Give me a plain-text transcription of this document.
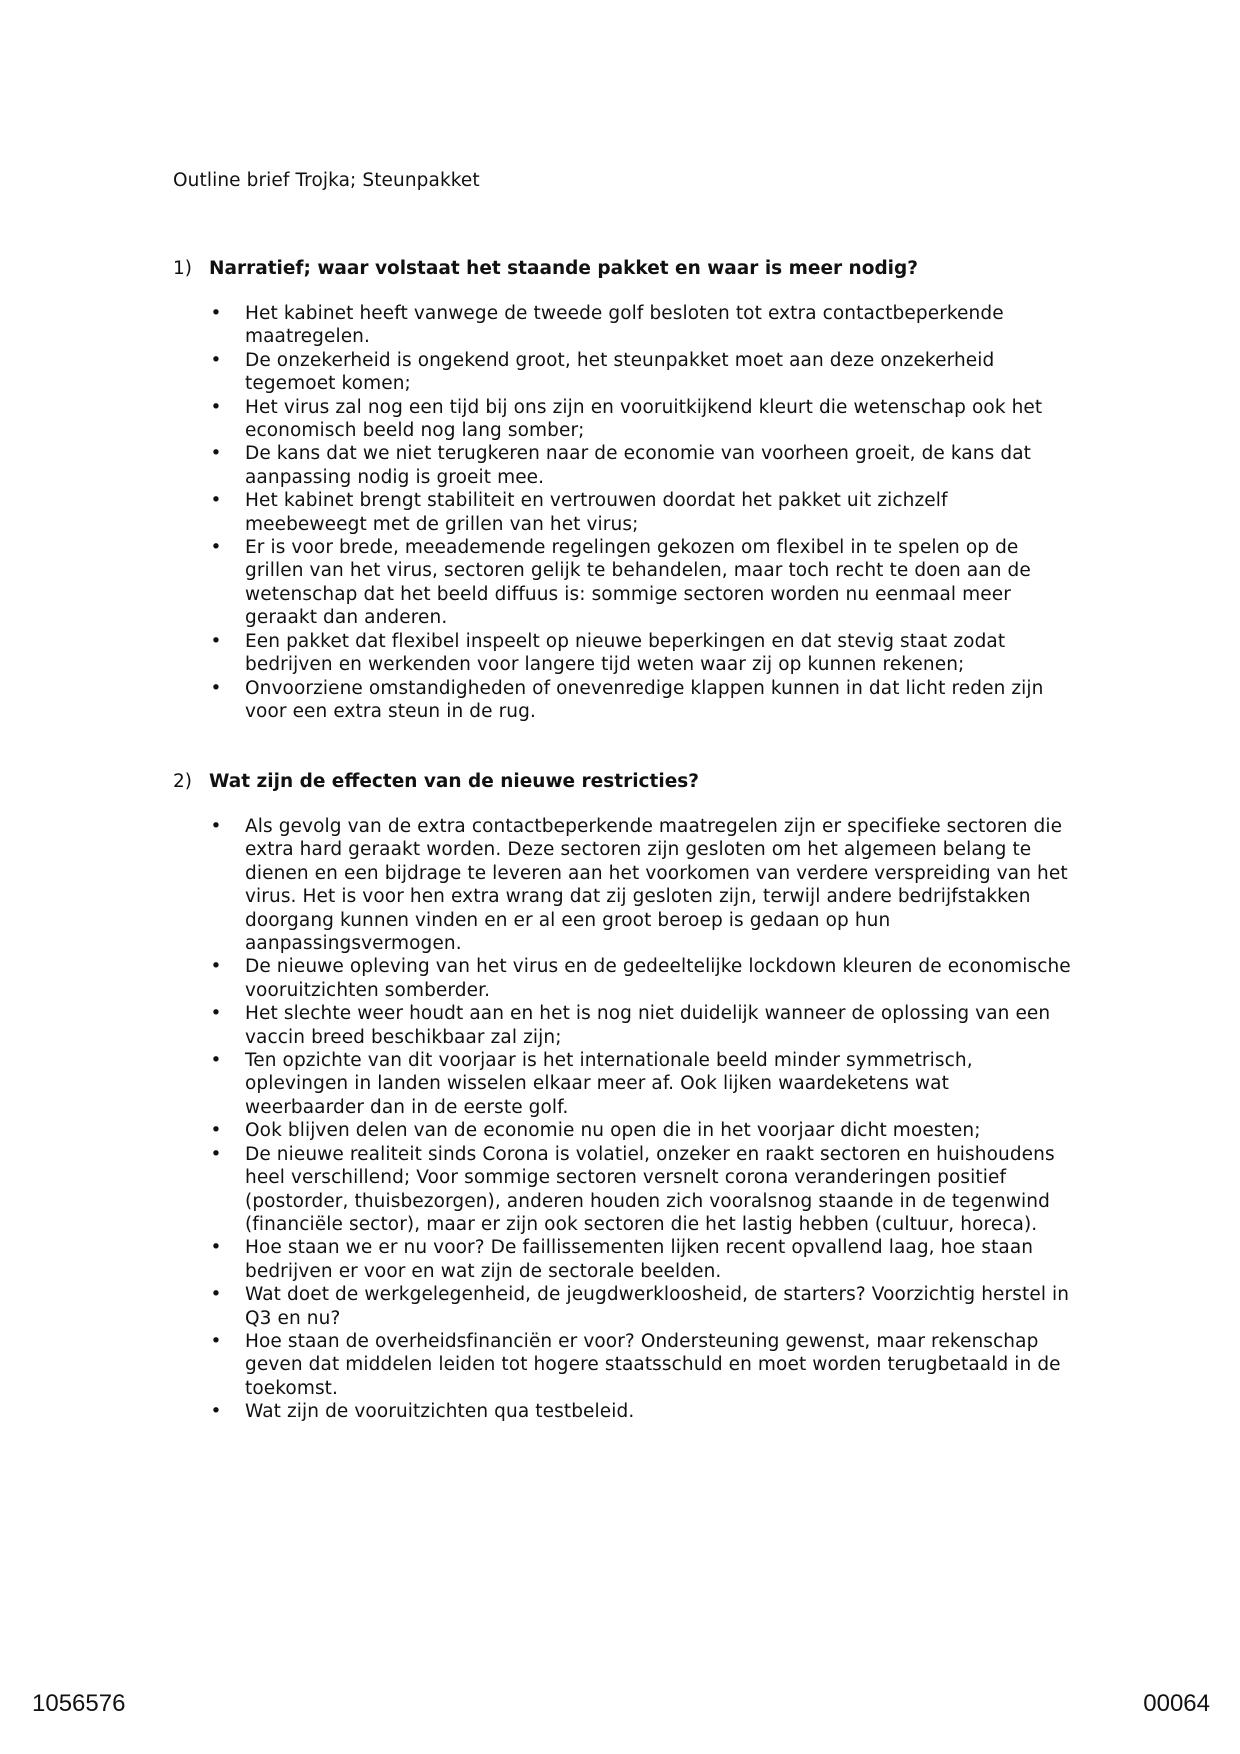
Outline brief Trojka; Steunpakket
1) Narratief; waar volstaat het staande pakket en waar is meer nodig?
• Het kabinet heeft vanwege de tweede golf besloten tot extra contactbeperkende maatregelen.
• De onzekerheid is ongekend groot, het steunpakket moet aan deze onzekerheid tegemoet komen;
• Het virus zal nog een tijd bij ons zijn en vooruitkijkend kleurt die wetenschap ook het economisch beeld nog lang somber;
• De kans dat we niet terugkeren naar de economie van voorheen groeit, de kans dat aanpassing nodig is groeit mee.
• Het kabinet brengt stabiliteit en vertrouwen doordat het pakket uit zichzelf meebeweegt met de grillen van het virus;
• Er is voor brede, meeademende regelingen gekozen om flexibel in te spelen op de grillen van het virus, sectoren gelijk te behandelen, maar toch recht te doen aan de wetenschap dat het beeld diffuus is: sommige sectoren worden nu eenmaal meer geraakt dan anderen.
• Een pakket dat flexibel inspeelt op nieuwe beperkingen en dat stevig staat zodat bedrijven en werkenden voor langere tijd weten waar zij op kunnen rekenen;
• Onvoorziene omstandigheden of onevenredige klappen kunnen in dat licht reden zijn voor een extra steun in de rug.
2) Wat zijn de effecten van de nieuwe restricties?
• Als gevolg van de extra contactbeperkende maatregelen zijn er specifieke sectoren die extra hard geraakt worden. Deze sectoren zijn gesloten om het algemeen belang te dienen en een bijdrage te leveren aan het voorkomen van verdere verspreiding van het virus. Het is voor hen extra wrang dat zij gesloten zijn, terwijl andere bedrijfstakken doorgang kunnen vinden en er al een groot beroep is gedaan op hun aanpassingsvermogen.
• De nieuwe opleving van het virus en de gedeeltelijke lockdown kleuren de economische vooruitzichten somberder.
• Het slechte weer houdt aan en het is nog niet duidelijk wanneer de oplossing van een vaccin breed beschikbaar zal zijn;
• Ten opzichte van dit voorjaar is het internationale beeld minder symmetrisch, oplevingen in landen wisselen elkaar meer af. Ook lijken waardeketens wat weerbaarder dan in de eerste golf.
• Ook blijven delen van de economie nu open die in het voorjaar dicht moesten;
• De nieuwe realiteit sinds Corona is volatiel, onzeker en raakt sectoren en huishoudens heel verschillend; Voor sommige sectoren versnelt corona veranderingen positief (postorder, thuisbezorgen), anderen houden zich vooralsnog staande in de tegenwind (financiële sector), maar er zijn ook sectoren die het lastig hebben (cultuur, horeca).
• Hoe staan we er nu voor? De faillissementen lijken recent opvallend laag, hoe staan bedrijven er voor en wat zijn de sectorale beelden.
• Wat doet de werkgelegenheid, de jeugdwerkloosheid, de starters? Voorzichtig herstel in Q3 en nu?
• Hoe staan de overheidsfinanciën er voor? Ondersteuning gewenst, maar rekenschap geven dat middelen leiden tot hogere staatsschuld en moet worden terugbetaald in de toekomst.
• Wat zijn de vooruitzichten qua testbeleid.
1056576	00064
